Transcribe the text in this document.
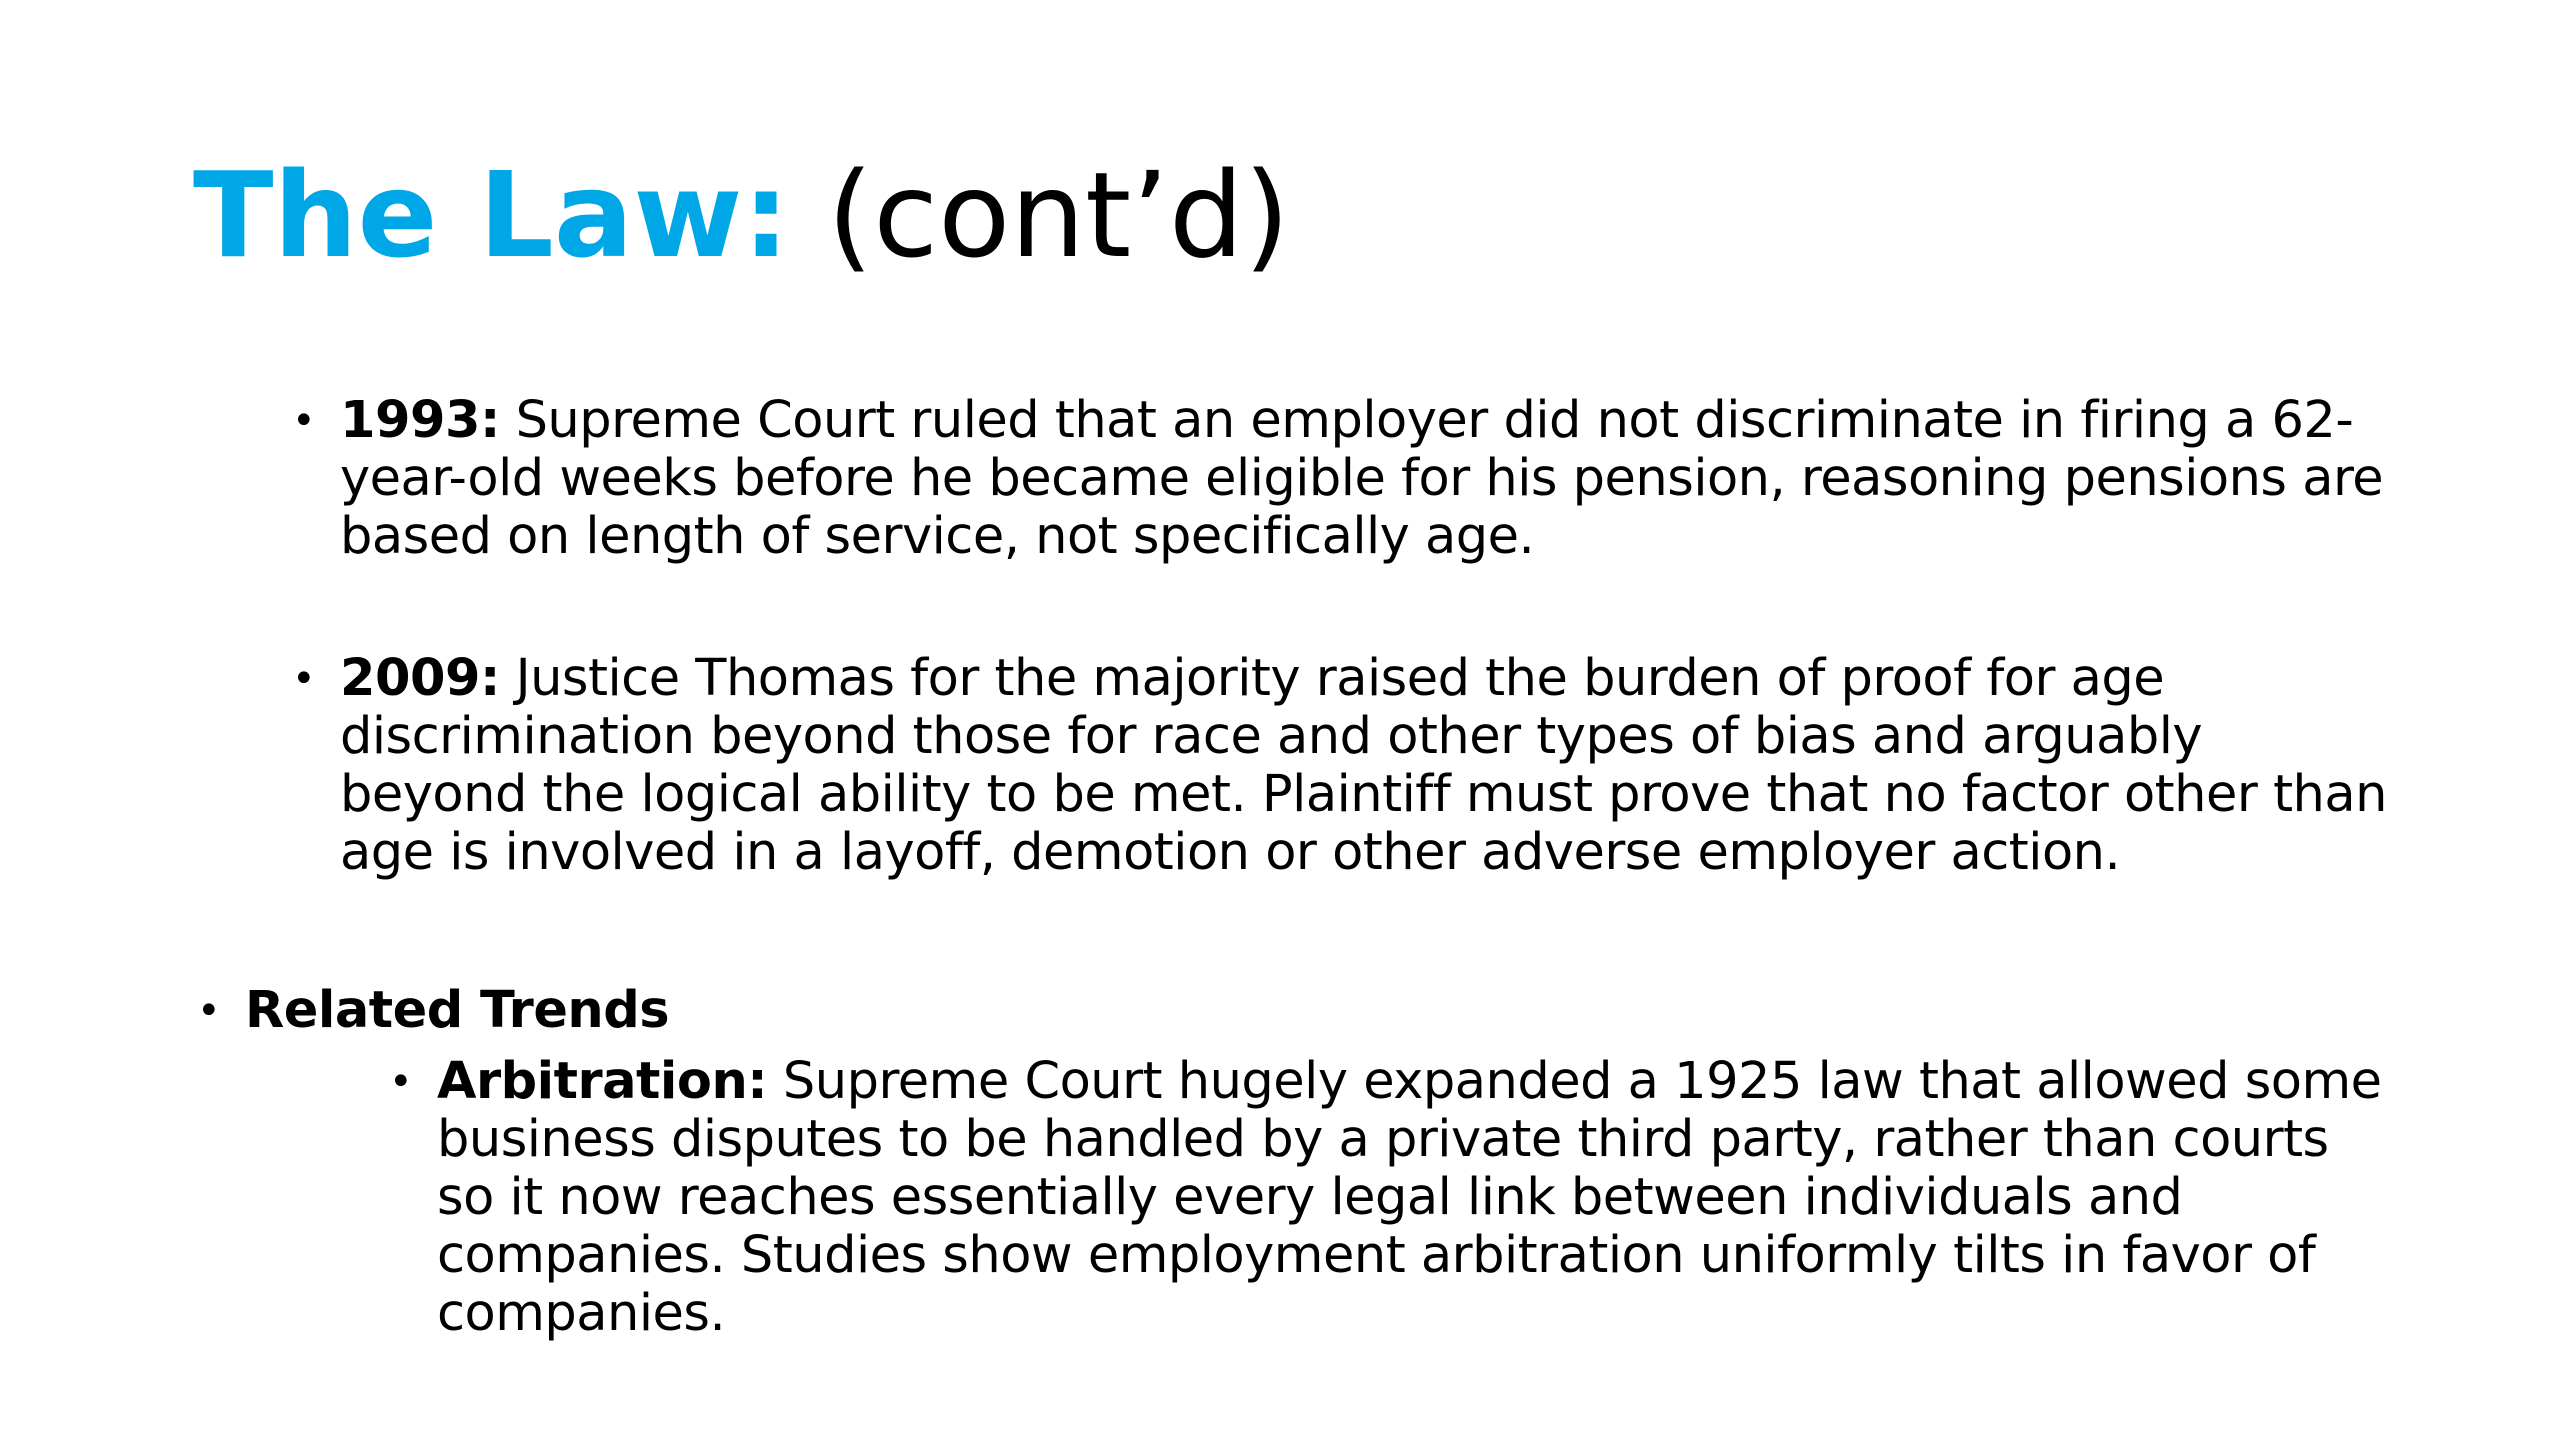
The Law: (cont’d)
• 1993: Supreme Court ruled that an employer did not discriminate in firing a 62-year-old weeks before he became eligible for his pension, reasoning pensions are based on length of service, not specifically age.
• 2009: Justice Thomas for the majority raised the burden of proof for age discrimination beyond those for race and other types of bias and arguably beyond the logical ability to be met. Plaintiff must prove that no factor other than age is involved in a layoff, demotion or other adverse employer action.
• Related Trends
• Arbitration: Supreme Court hugely expanded a 1925 law that allowed some business disputes to be handled by a private third party, rather than courts so it now reaches essentially every legal link between individuals and companies. Studies show employment arbitration uniformly tilts in favor of companies.
